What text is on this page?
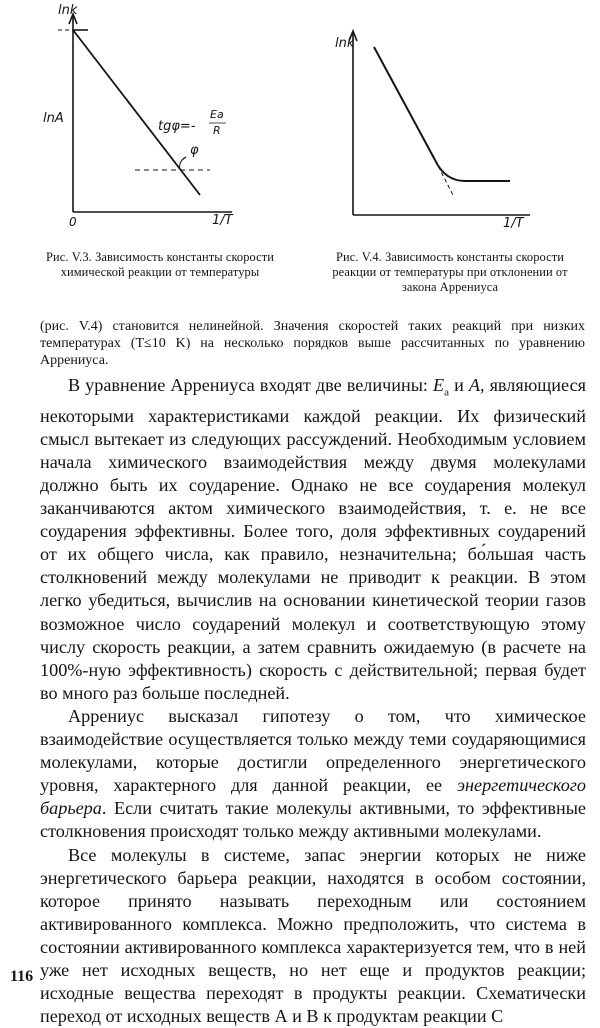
lnk
1/T
lnA
0
tgφ=-
Ea
R
φ
lnk
1/T
Рис. V.3. Зависимость константы скорости химической реакции от температуры
Рис. V.4. Зависимость константы скорости реакции от температуры при отклонении от закона Аррениуса
(рис. V.4) становится нелинейной. Значения скоростей таких реакций при низких температурах (T≤10 K) на несколько порядков выше рассчитанных по уравнению Аррениуса.

В уравнение Аррениуса входят две величины: $E_a$ и A, являющиеся некоторыми характеристиками каждой реакции. Их физический смысл вытекает из следующих рассуждений. Необходимым условием начала химического взаимодействия между двумя молекулами должно быть их соударение. Однако не все соударения молекул заканчиваются актом химического взаимодействия, т. е. не все соударения эффективны. Более того, доля эффективных соударений от их общего числа, как правило, незначительна; бо́льшая часть столкновений между молекулами не приводит к реакции. В этом легко убедиться, вычислив на основании кинетической теории газов возможное число соударений молекул и соответствующую этому числу скорость реакции, а затем сравнить ожидаемую (в расчете на 100%-ную эффективность) скорость с действительной; первая будет во много раз больше последней.

Аррениус высказал гипотезу о том, что химическое взаимодействие осуществляется только между теми соударяющимися молекулами, которые достигли определенного энергетического уровня, характерного для данной реакции, ее энергетического барьера. Если считать такие молекулы активными, то эффективные столкновения происходят только между активными молекулами.

Все молекулы в системе, запас энергии которых не ниже энергетического барьера реакции, находятся в особом состоянии, которое принято называть переходным или состоянием активированного комплекса. Можно предположить, что система в состоянии активированного комплекса характеризуется тем, что в ней уже нет исходных веществ, но нет еще и продуктов реакции; исходные вещества переходят в продукты реакции. Схематически переход от исходных веществ А и В к продуктам реакции С

116
